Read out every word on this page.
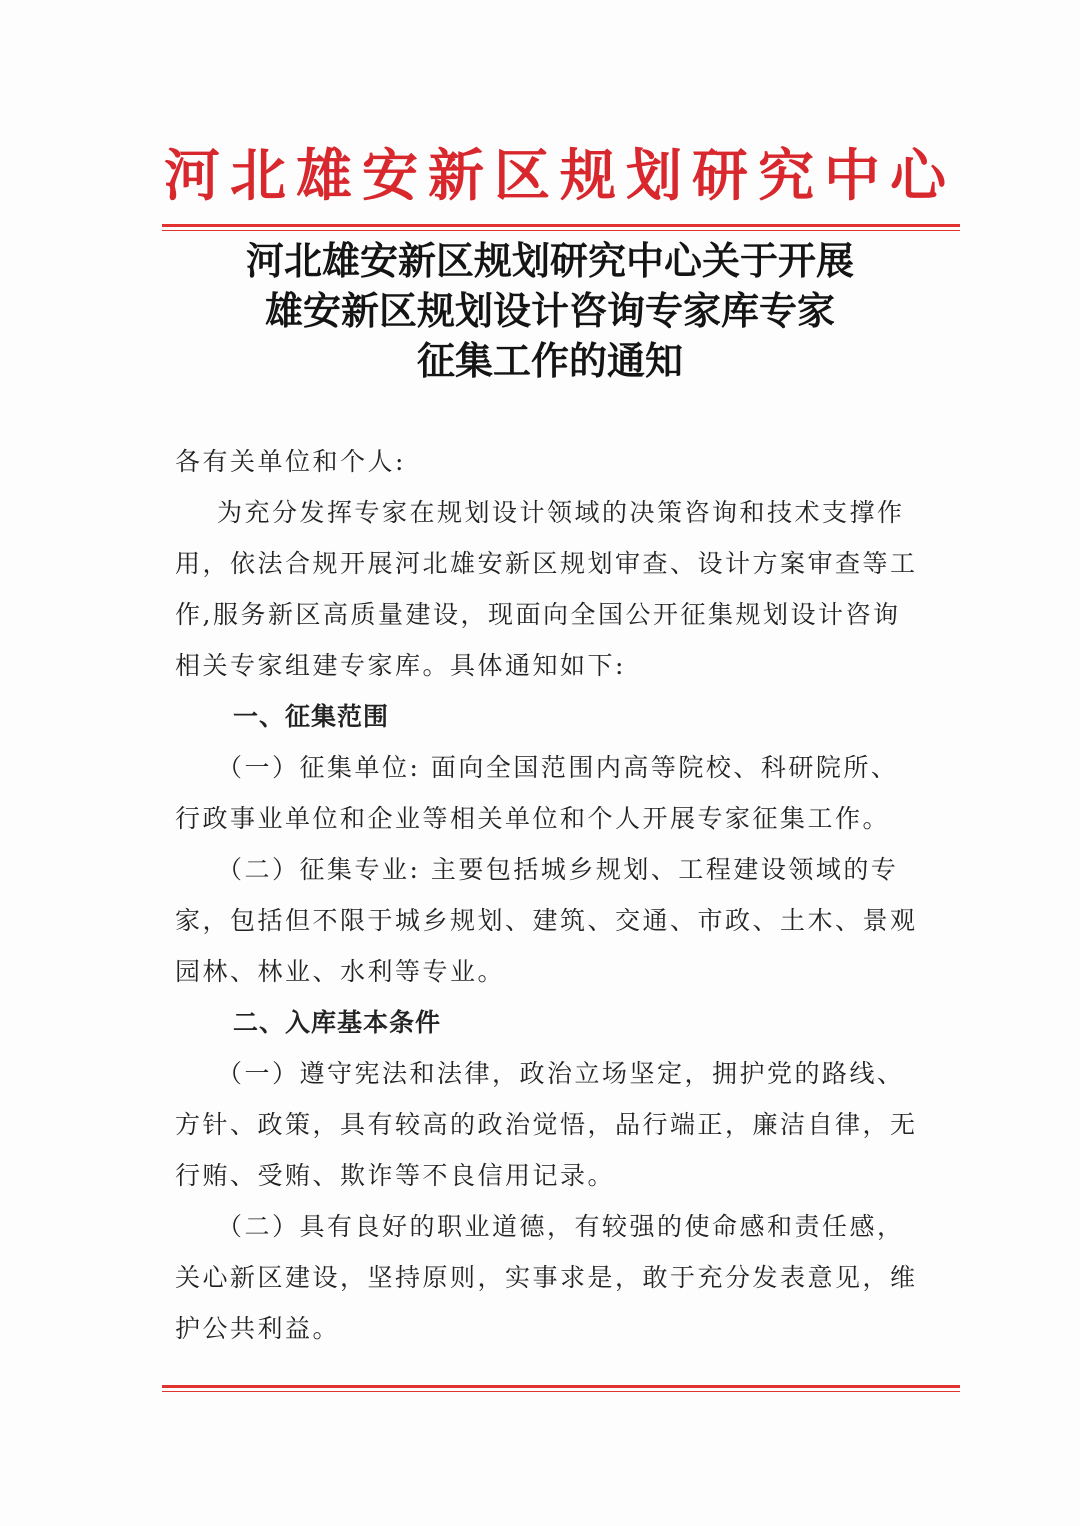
河北雄安新区规划研究中心
河北雄安新区规划研究中心关于开展
雄安新区规划设计咨询专家库专家
征集工作的通知

各有关单位和个人:

为充分发挥专家在规划设计领域的决策咨询和技术支撑作用，依法合规开展河北雄安新区规划审查、设计方案审查等工作,服务新区高质量建设，现面向全国公开征集规划设计咨询相关专家组建专家库。具体通知如下:

一、征集范围

（一）征集单位: 面向全国范围内高等院校、科研院所、行政事业单位和企业等相关单位和个人开展专家征集工作。

（二）征集专业: 主要包括城乡规划、工程建设领域的专家，包括但不限于城乡规划、建筑、交通、市政、土木、景观园林、林业、水利等专业。

二、入库基本条件

（一）遵守宪法和法律，政治立场坚定，拥护党的路线、方针、政策，具有较高的政治觉悟，品行端正，廉洁自律，无行贿、受贿、欺诈等不良信用记录。

（二）具有良好的职业道德，有较强的使命感和责任感，关心新区建设，坚持原则，实事求是，敢于充分发表意见，维护公共利益。
